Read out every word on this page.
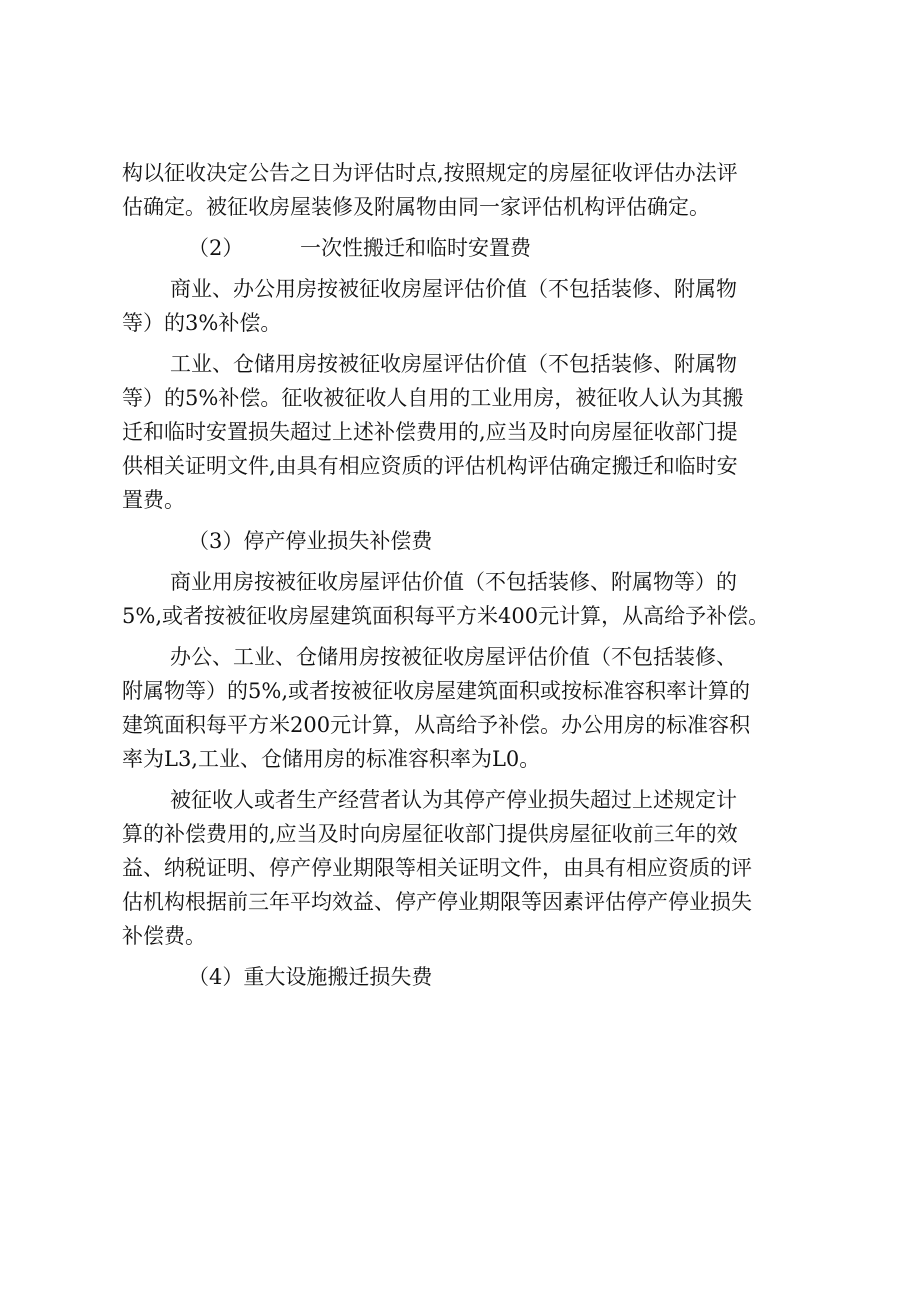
构以征收决定公告之日为评估时点,按照规定的房屋征收评估办法评
估确定。被征收房屋装修及附属物由同一家评估机构评估确定。

（2）	一次性搬迁和临时安置费

商业、办公用房按被征收房屋评估价值（不包括装修、附属物
等）的3%补偿。

工业、仓储用房按被征收房屋评估价值（不包括装修、附属物
等）的5%补偿。征收被征收人自用的工业用房，被征收人认为其搬
迁和临时安置损失超过上述补偿费用的,应当及时向房屋征收部门提
供相关证明文件,由具有相应资质的评估机构评估确定搬迁和临时安
置费。

（3）停产停业损失补偿费

商业用房按被征收房屋评估价值（不包括装修、附属物等）的
5%,或者按被征收房屋建筑面积每平方米400元计算，从高给予补偿。

办公、工业、仓储用房按被征收房屋评估价值（不包括装修、
附属物等）的5%,或者按被征收房屋建筑面积或按标准容积率计算的
建筑面积每平方米200元计算，从高给予补偿。办公用房的标准容积
率为L3,工业、仓储用房的标准容积率为L0。

被征收人或者生产经营者认为其停产停业损失超过上述规定计
算的补偿费用的,应当及时向房屋征收部门提供房屋征收前三年的效
益、纳税证明、停产停业期限等相关证明文件，由具有相应资质的评
估机构根据前三年平均效益、停产停业期限等因素评估停产停业损失
补偿费。

（4）重大设施搬迁损失费
